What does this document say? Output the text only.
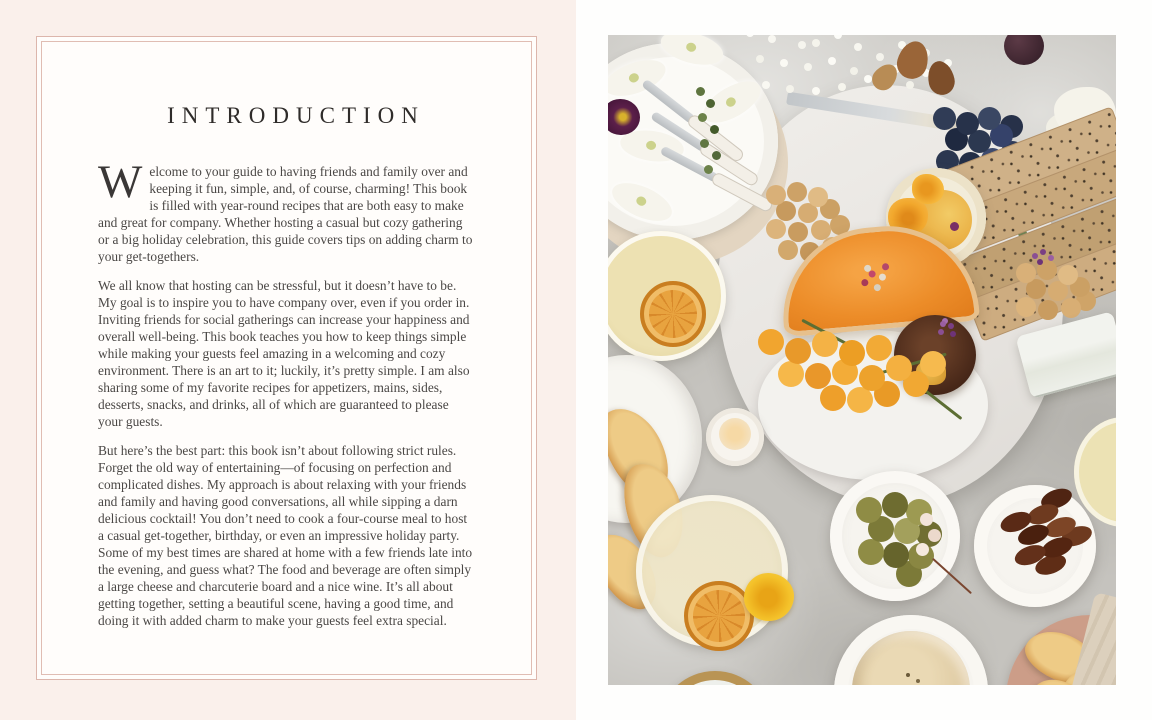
INTRODUCTION

Welcome to your guide to having friends and family over and keeping it fun, simple, and, of course, charming! This book is filled with year-round recipes that are both easy to make and great for company. Whether hosting a casual but cozy gathering or a big holiday celebration, this guide covers tips on adding charm to your get-togethers.

We all know that hosting can be stressful, but it doesn’t have to be. My goal is to inspire you to have company over, even if you order in. Inviting friends for social gatherings can increase your happiness and overall well-being. This book teaches you how to keep things simple while making your guests feel amazing in a welcoming and cozy environment. There is an art to it; luckily, it’s pretty simple. I am also sharing some of my favorite recipes for appetizers, mains, sides, desserts, snacks, and drinks, all of which are guaranteed to please your guests.

But here’s the best part: this book isn’t about following strict rules. Forget the old way of entertaining—of focusing on perfection and complicated dishes. My approach is about relaxing with your friends and family and having good conversations, all while sipping a darn delicious cocktail! You don’t need to cook a four-course meal to host a casual get-together, birthday, or even an impressive holiday party. Some of my best times are shared at home with a few friends late into the evening, and guess what? The food and beverage are often simply a large cheese and charcuterie board and a nice wine. It’s all about getting together, setting a beautiful scene, having a good time, and doing it with added charm to make your guests feel extra special.
